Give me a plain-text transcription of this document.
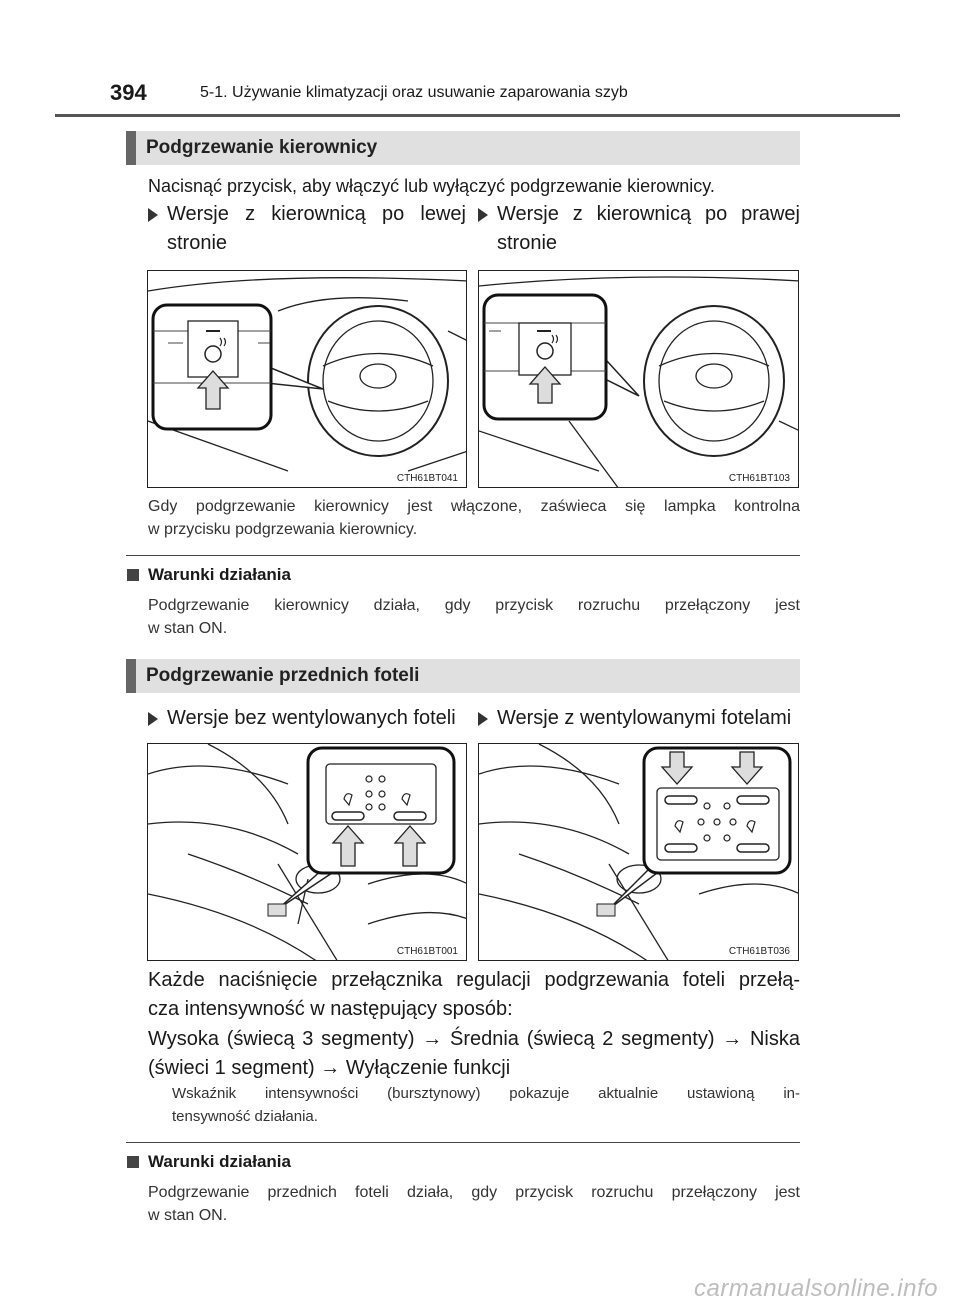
394	5-1. Używanie klimatyzacji oraz usuwanie zaparowania szyb
Podgrzewanie kierownicy
Nacisnąć przycisk, aby włączyć lub wyłączyć podgrzewanie kierownicy.
Wersje z kierownicą po lewej
stronie
Wersje z kierownicą po prawej
stronie
CTH61BT041	CTH61BT103
Gdy podgrzewanie kierownicy jest włączone, zaświeca się lampka kontrolna
w przycisku podgrzewania kierownicy.
Warunki działania
Podgrzewanie kierownicy działa, gdy przycisk rozruchu przełączony jest
w stan ON.
Podgrzewanie przednich foteli
Wersje bez wentylowanych foteli Wersje z wentylowanymi fotelami
CTH61BT001	CTH61BT036
Każde naciśnięcie przełącznika regulacji podgrzewania foteli przełą-
cza intensywność w następujący sposób:
Wysoka (świecą 3 segmenty) → Średnia (świecą 2 segmenty) → Niska
(świeci 1 segment) → Wyłączenie funkcji
Wskaźnik intensywności (bursztynowy) pokazuje aktualnie ustawioną in-
tensywność działania.
Warunki działania
Podgrzewanie przednich foteli działa, gdy przycisk rozruchu przełączony jest
w stan ON.
carmanualsonline.info
